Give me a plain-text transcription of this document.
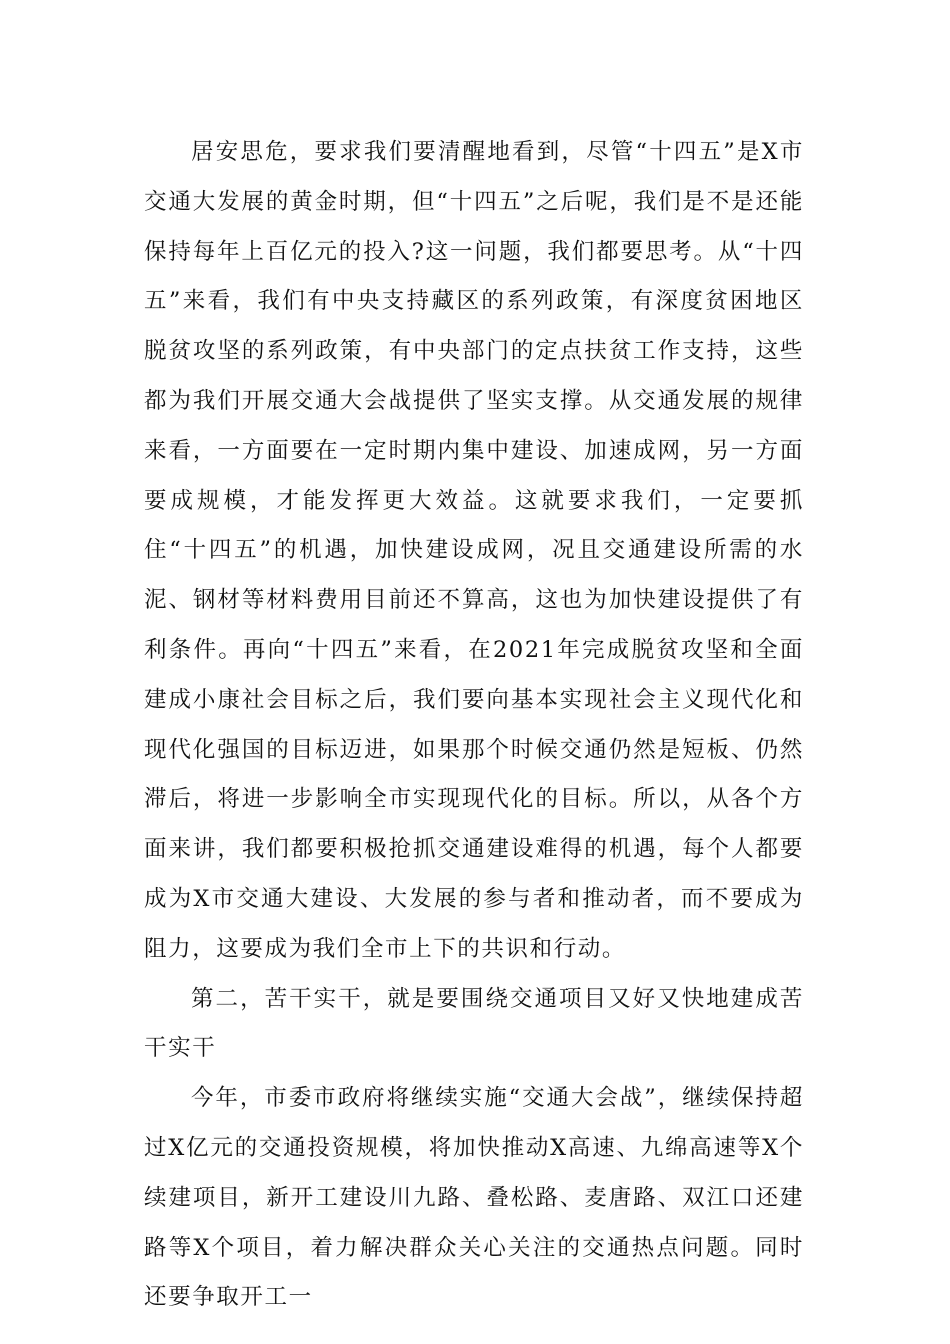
居安思危，要求我们要清醒地看到，尽管“十四五”是X市交通大发展的黄金时期，但“十四五”之后呢，我们是不是还能保持每年上百亿元的投入?这一问题，我们都要思考。从“十四五”来看，我们有中央支持藏区的系列政策，有深度贫困地区脱贫攻坚的系列政策，有中央部门的定点扶贫工作支持，这些都为我们开展交通大会战提供了坚实支撑。从交通发展的规律来看，一方面要在一定时期内集中建设、加速成网，另一方面要成规模，才能发挥更大效益。这就要求我们，一定要抓住“十四五”的机遇，加快建设成网，况且交通建设所需的水泥、钢材等材料费用目前还不算高，这也为加快建设提供了有利条件。再向“十四五”来看，在2021年完成脱贫攻坚和全面建成小康社会目标之后，我们要向基本实现社会主义现代化和现代化强国的目标迈进，如果那个时候交通仍然是短板、仍然滞后，将进一步影响全市实现现代化的目标。所以，从各个方面来讲，我们都要积极抢抓交通建设难得的机遇，每个人都要成为X市交通大建设、大发展的参与者和推动者，而不要成为阻力，这要成为我们全市上下的共识和行动。

第二，苦干实干，就是要围绕交通项目又好又快地建成苦干实干

今年，市委市政府将继续实施“交通大会战”，继续保持超过X亿元的交通投资规模，将加快推动X高速、九绵高速等X个续建项目，新开工建设川九路、叠松路、麦唐路、双江口还建路等X个项目，着力解决群众关心关注的交通热点问题。同时还要争取开工一
